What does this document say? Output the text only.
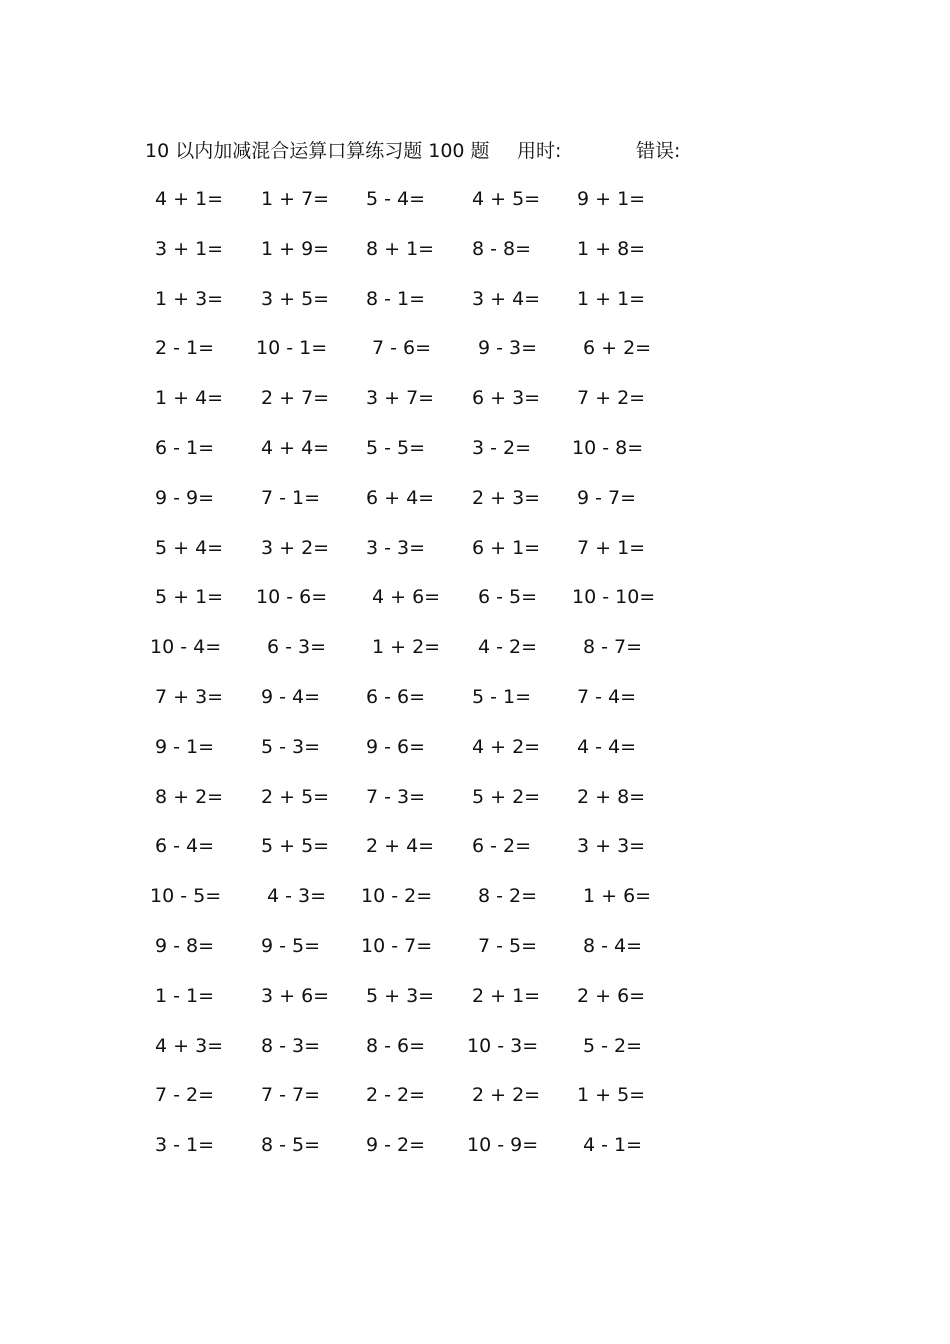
10 以内加减混合运算口算练习题 100 题 用时:	错误:
4 + 1= 1 + 7= 5 - 4= 4 + 5= 9 + 1=
3 + 1= 1 + 9= 8 + 1= 8 - 8= 1 + 8=
1 + 3= 3 + 5= 8 - 1= 3 + 4= 1 + 1=
2 - 1= 10 - 1= 7 - 6= 9 - 3= 6 + 2=
1 + 4= 2 + 7= 3 + 7= 6 + 3= 7 + 2=
6 - 1= 4 + 4= 5 - 5= 3 - 2= 10 - 8=
9 - 9= 7 - 1= 6 + 4= 2 + 3= 9 - 7=
5 + 4= 3 + 2= 3 - 3= 6 + 1= 7 + 1=
5 + 1= 10 - 6= 4 + 6= 6 - 5= 10 - 10=
10 - 4= 6 - 3= 1 + 2= 4 - 2= 8 - 7=
7 + 3= 9 - 4= 6 - 6= 5 - 1= 7 - 4=
9 - 1= 5 - 3= 9 - 6= 4 + 2= 4 - 4=
8 + 2= 2 + 5= 7 - 3= 5 + 2= 2 + 8=
6 - 4= 5 + 5= 2 + 4= 6 - 2= 3 + 3=
10 - 5= 4 - 3= 10 - 2= 8 - 2= 1 + 6=
9 - 8= 9 - 5= 10 - 7= 7 - 5= 8 - 4=
1 - 1= 3 + 6= 5 + 3= 2 + 1= 2 + 6=
4 + 3= 8 - 3= 8 - 6= 10 - 3= 5 - 2=
7 - 2= 7 - 7= 2 - 2= 2 + 2= 1 + 5=
3 - 1= 8 - 5= 9 - 2= 10 - 9= 4 - 1=
